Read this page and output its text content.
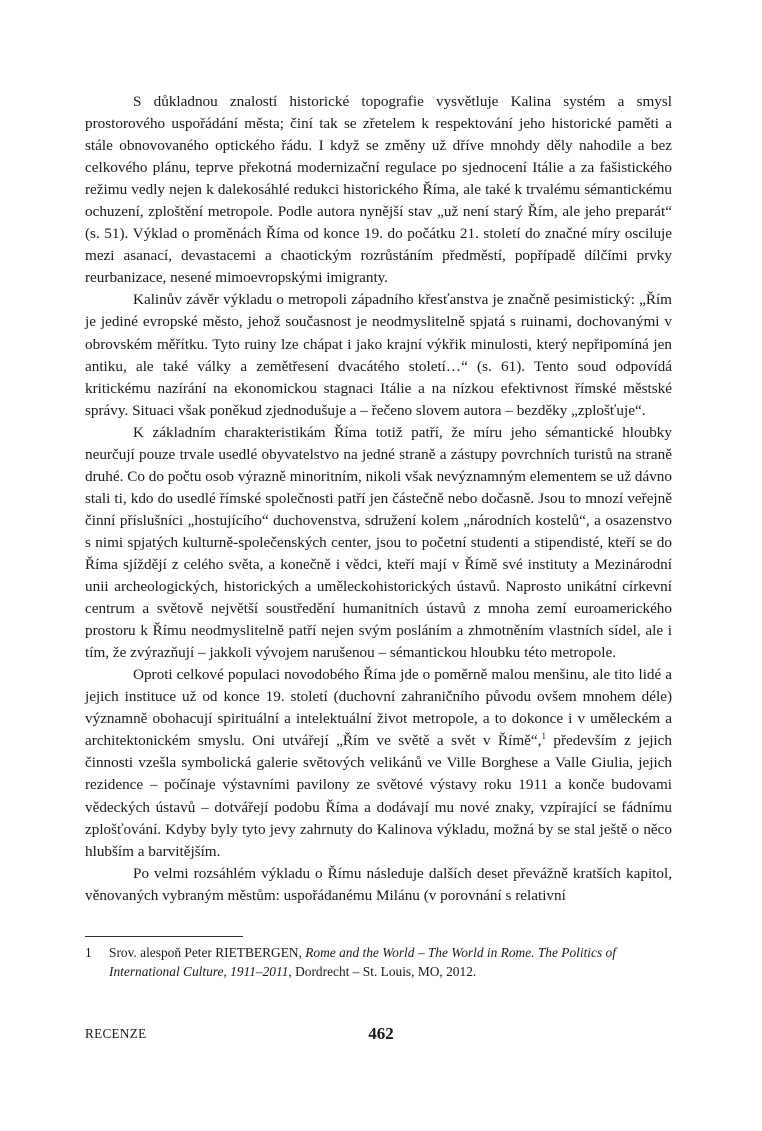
S důkladnou znalostí historické topografie vysvětluje Kalina systém a smysl prostorového uspořádání města; činí tak se zřetelem k respektování jeho historické paměti a stále obnovovaného optického řádu. I když se změny už dříve mnohdy děly nahodile a bez celkového plánu, teprve překotná modernizační regulace po sjednocení Itálie a za fašistického režimu vedly nejen k dalekosáhlé redukci historického Říma, ale také k trvalému sémantickému ochuzení, zploštění metropole. Podle autora nynější stav „už není starý Řím, ale jeho preparát“ (s. 51). Výklad o proměnách Říma od konce 19. do počátku 21. století do značné míry osciluje mezi asanací, devastacemi a chaotickým rozrůstáním předměstí, popřípadě dílčími prvky reurbanizace, nesené mimoevropskými imigranty.

Kalinův závěr výkladu o metropoli západního křesťanstva je značně pesimistický: „Řím je jediné evropské město, jehož současnost je neodmyslitelně spjatá s ruinami, dochovanými v obrovském měřítku. Tyto ruiny lze chápat i jako krajní výkřik minulosti, který nepřipomíná jen antiku, ale také války a zemětřesení dvacátého století…“ (s. 61). Tento soud odpovídá kritickému nazírání na ekonomickou stagnaci Itálie a na nízkou efektivnost římské městské správy. Situaci však poněkud zjednodušuje a – řečeno slovem autora – bezděky „zplošťuje“.

K základním charakteristikám Říma totiž patří, že míru jeho sémantické hloubky neurčují pouze trvale usedlé obyvatelstvo na jedné straně a zástupy povrchních turistů na straně druhé. Co do počtu osob výrazně minoritním, nikoli však nevýznamným elementem se už dávno stali ti, kdo do usedlé římské společnosti patří jen částečně nebo dočasně. Jsou to mnozí veřejně činní příslušníci „hostujícího“ duchovenstva, sdružení kolem „národních kostelů“, a osazenstvo s nimi spjatých kulturně-společenských center, jsou to početní studenti a stipendisté, kteří se do Říma sjíždějí z celého světa, a konečně i vědci, kteří mají v Římě své instituty a Mezinárodní unii archeologických, historických a uměleckohistorických ústavů. Naprosto unikátní církevní centrum a světově největší soustředění humanitních ústavů z mnoha zemí euroamerického prostoru k Římu neodmyslitelně patří nejen svým posláním a zhmotněním vlastních sídel, ale i tím, že zvýrazňují – jakkoli vývojem narušenou – sémantickou hloubku této metropole.

Oproti celkové populaci novodobého Říma jde o poměrně malou menšinu, ale tito lidé a jejich instituce už od konce 19. století (duchovní zahraničního původu ovšem mnohem déle) významně obohacují spirituální a intelektuální život metropole, a to dokonce i v uměleckém a architektonickém smyslu. Oni utvářejí „Řím ve světě a svět v Římě“,$^1$ především z jejich činnosti vzešla symbolická galerie světových velikánů ve Ville Borghese a Valle Giulia, jejich rezidence – počínaje výstavními pavilony ze světové výstavy roku 1911 a konče budovami vědeckých ústavů – dotvářejí podobu Říma a dodávají mu nové znaky, vzpírající se fádnímu zplošťování. Kdyby byly tyto jevy zahrnuty do Kalinova výkladu, možná by se stal ještě o něco hlubším a barvitějším.

Po velmi rozsáhlém výkladu o Římu následuje dalších deset převážně kratších kapitol, věnovaných vybraným městům: uspořádanému Milánu (v porovnání s relativní

1	Srov. alespoň Peter RIETBERGEN, Rome and the World – The World in Rome. The Politics of International Culture, 1911–2011, Dordrecht – St. Louis, MO, 2012.
RECENZE	462
